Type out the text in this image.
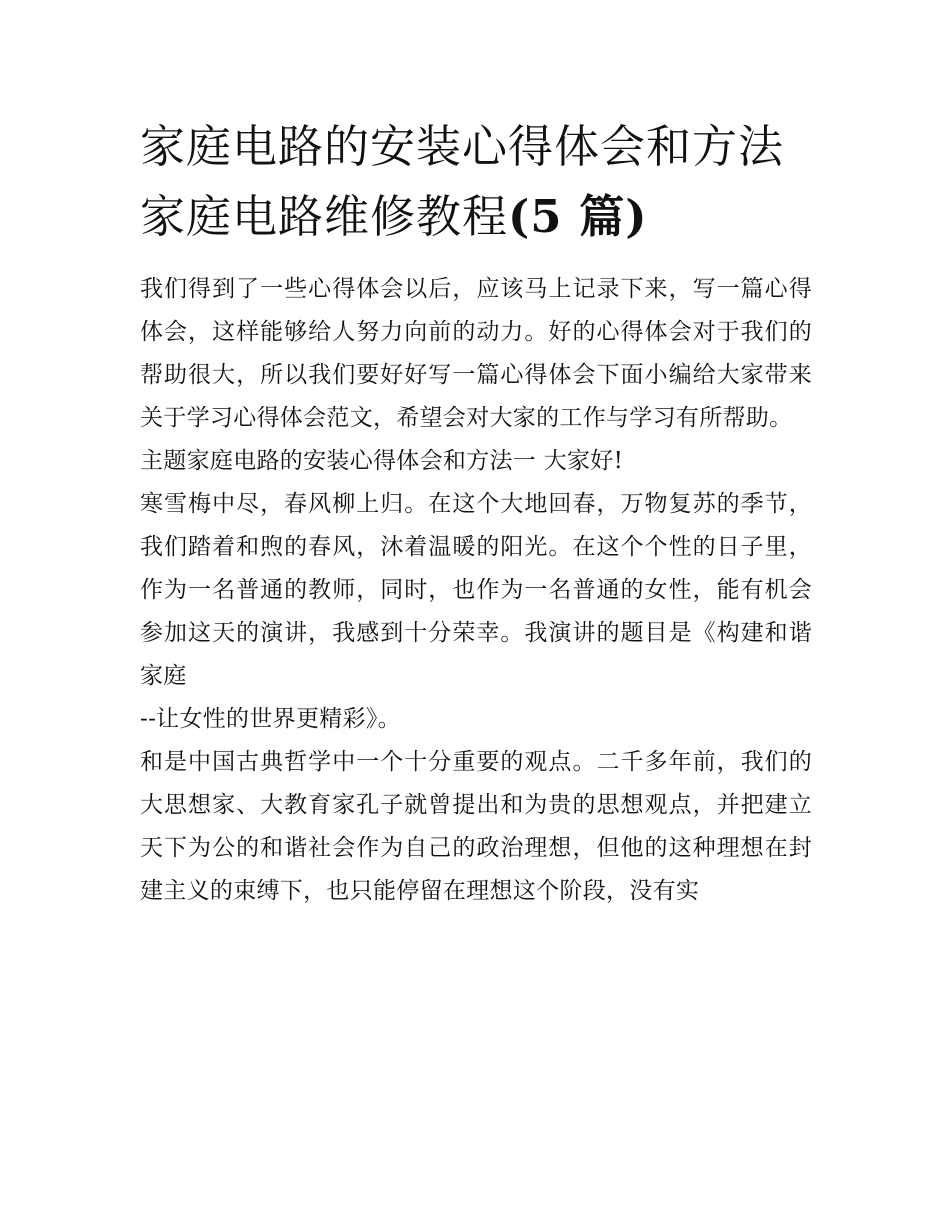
家庭电路的安装心得体会和方法 家庭电路维修教程(5 篇)

我们得到了一些心得体会以后，应该马上记录下来，写一篇心得体会，这样能够给人努力向前的动力。好的心得体会对于我们的帮助很大，所以我们要好好写一篇心得体会下面小编给大家带来关于学习心得体会范文，希望会对大家的工作与学习有所帮助。

主题家庭电路的安装心得体会和方法一 大家好!

寒雪梅中尽，春风柳上归。在这个大地回春，万物复苏的季节，我们踏着和煦的春风，沐着温暖的阳光。在这个个性的日子里，作为一名普通的教师，同时，也作为一名普通的女性，能有机会参加这天的演讲，我感到十分荣幸。我演讲的题目是《构建和谐家庭

--让女性的世界更精彩》。

和是中国古典哲学中一个十分重要的观点。二千多年前，我们的大思想家、大教育家孔子就曾提出和为贵的思想观点，并把建立天下为公的和谐社会作为自己的政治理想，但他的这种理想在封建主义的束缚下，也只能停留在理想这个阶段，没有实
